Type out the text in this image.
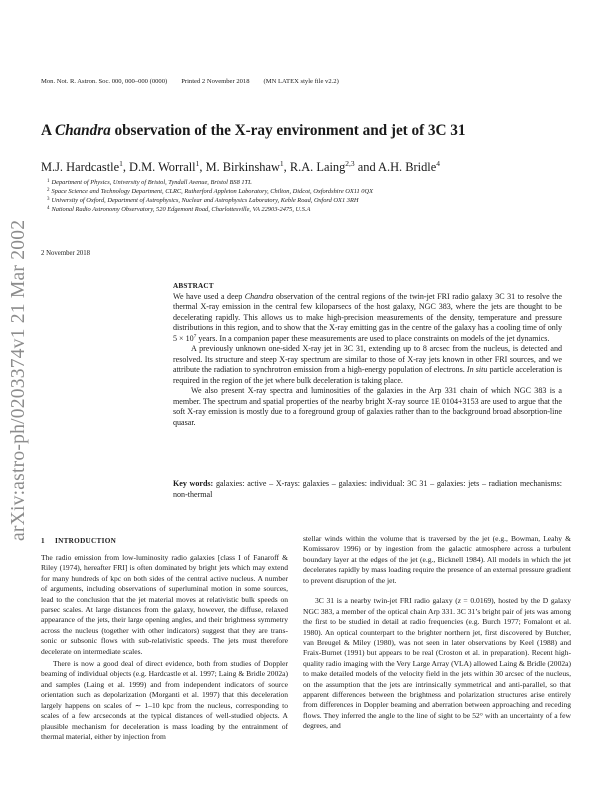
Mon. Not. R. Astron. Soc. 000, 000–000 (0000) Printed 2 November 2018 (MN LATEX style file v2.2)
A Chandra observation of the X-ray environment and jet of 3C 31
M.J. Hardcastle$^1$, D.M. Worrall$^1$, M. Birkinshaw$^1$, R.A. Laing$^{2,3}$ and A.H. Bridle$^4$
$^1$ Department of Physics, University of Bristol, Tyndall Avenue, Bristol BS8 1TL
$^2$ Space Science and Technology Department, CLRC, Rutherford Appleton Laboratory, Chilton, Didcot, Oxfordshire OX11 0QX
$^3$ University of Oxford, Department of Astrophysics, Nuclear and Astrophysics Laboratory, Keble Road, Oxford OX1 3RH
$^4$ National Radio Astronomy Observatory, 520 Edgemont Road, Charlottesville, VA 22903-2475, U.S.A
2 November 2018
arXiv:astro-ph/0203374v1 21 Mar 2002	ABSTRACT

We have used a deep Chandra observation of the central regions of the twin-jet FRI radio galaxy 3C 31 to resolve the thermal X-ray emission in the central few kiloparsecs of the host galaxy, NGC 383, where the jets are thought to be decelerating rapidly. This allows us to make high-precision measurements of the density, temperature and pressure distributions in this region, and to show that the X-ray emitting gas in the centre of the galaxy has a cooling time of only $5 \times 10^7$ years. In a companion paper these measurements are used to place constraints on models of the jet dynamics.

A previously unknown one-sided X-ray jet in 3C 31, extending up to 8 arcsec from the nucleus, is detected and resolved. Its structure and steep X-ray spectrum are similar to those of X-ray jets known in other FRI sources, and we attribute the radiation to synchrotron emission from a high-energy population of electrons. In situ particle acceleration is required in the region of the jet where bulk deceleration is taking place.

We also present X-ray spectra and luminosities of the galaxies in the Arp 331 chain of which NGC 383 is a member. The spectrum and spatial properties of the nearby bright X-ray source 1E 0104+3153 are used to argue that the soft X-ray emission is mostly due to a foreground group of galaxies rather than to the background broad absorption-line quasar.

Key words: galaxies: active – X-rays: galaxies – galaxies: individual: 3C 31 – galaxies: jets – radiation mechanisms: non-thermal
1 INTRODUCTION

The radio emission from low-luminosity radio galaxies [class I of Fanaroff & Riley (1974), hereafter FRI] is often dominated by bright jets which may extend for many hundreds of kpc on both sides of the central active nucleus. A number of arguments, including observations of superluminal motion in some sources, lead to the conclusion that the jet material moves at relativistic bulk speeds on parsec scales. At large distances from the galaxy, however, the diffuse, relaxed appearance of the jets, their large opening angles, and their brightness symmetry across the nucleus (together with other indicators) suggest that they are trans-sonic or subsonic flows with sub-relativistic speeds. The jets must therefore decelerate on intermediate scales.

There is now a good deal of direct evidence, both from studies of Doppler beaming of individual objects (e.g. Hardcastle et al. 1997; Laing & Bridle 2002a) and samples (Laing et al. 1999) and from independent indicators of source orientation such as depolarization (Morganti et al. 1997) that this deceleration largely happens on scales of ∼ 1–10 kpc from the nucleus, corresponding to scales of a few arcseconds at the typical distances of well-studied objects. A plausible mechanism for deceleration is mass loading by the entrainment of thermal material, either by injection from

stellar winds within the volume that is traversed by the jet (e.g., Bowman, Leahy & Komissarov 1996) or by ingestion from the galactic atmosphere across a turbulent boundary layer at the edges of the jet (e.g., Bicknell 1984). All models in which the jet decelerates rapidly by mass loading require the presence of an external pressure gradient to prevent disruption of the jet.

3C 31 is a nearby twin-jet FRI radio galaxy (z = 0.0169), hosted by the D galaxy NGC 383, a member of the optical chain Arp 331. 3C 31’s bright pair of jets was among the first to be studied in detail at radio frequencies (e.g. Burch 1977; Fomalont et al. 1980). An optical counterpart to the brighter northern jet, first discovered by Butcher, van Breugel & Miley (1980), was not seen in later observations by Keel (1988) and Fraix-Burnet (1991) but appears to be real (Croston et al. in preparation). Recent high-quality radio imaging with the Very Large Array (VLA) allowed Laing & Bridle (2002a) to make detailed models of the velocity field in the jets within 30 arcsec of the nucleus, on the assumption that the jets are intrinsically symmetrical and anti-parallel, so that apparent differences between the brightness and polarization structures arise entirely from differences in Doppler beaming and aberration between approaching and receding flows. They inferred the angle to the line of sight to be 52° with an uncertainty of a few degrees, and
